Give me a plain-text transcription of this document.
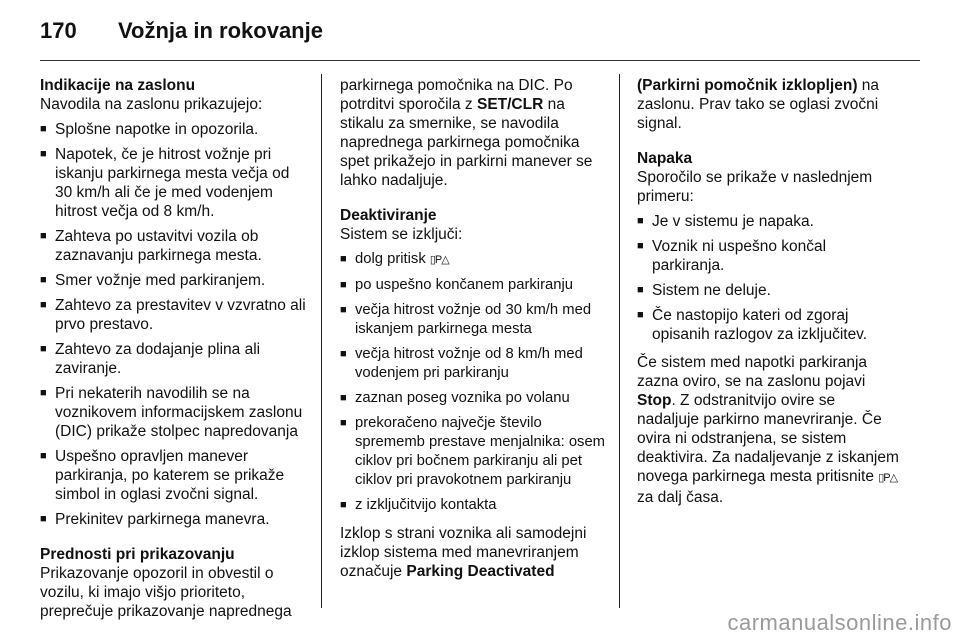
170 Vožnja in rokovanje

Indikacije na zaslonu

Navodila na zaslonu prikazujejo:

■ Splošne napotke in opozorila.
■ Napotek, če je hitrost vožnje pri iskanju parkirnega mesta večja od 30 km/h ali če je med vodenjem hitrost večja od 8 km/h.
■ Zahteva po ustavitvi vozila ob zaznavanju parkirnega mesta.
■ Smer vožnje med parkiranjem.
■ Zahtevo za prestavitev v vzvratno ali prvo prestavo.
■ Zahtevo za dodajanje plina ali zaviranje.
■ Pri nekaterih navodilih se na voznikovem informacijskem zaslonu (DIC) prikaže stolpec napredovanja
■ Uspešno opravljen manever parkiranja, po katerem se prikaže simbol in oglasi zvočni signal.
■ Prekinitev parkirnega manevra.

Prednosti pri prikazovanju

Prikazovanje opozoril in obvestil o vozilu, ki imajo višjo prioriteto, preprečuje prikazovanje naprednega

parkirnega pomočnika na DIC. Po potrditvi sporočila z SET/CLR na stikalu za smernike, se navodila naprednega parkirnega pomočnika spet prikažejo in parkirni manever se lahko nadaljuje.

Deaktiviranje

Sistem se izključi:

■ dolg pritisk ▯P△
■ po uspešno končanem parkiranju
■ večja hitrost vožnje od 30 km/h med iskanjem parkirnega mesta
■ večja hitrost vožnje od 8 km/h med vodenjem pri parkiranju
■ zaznan poseg voznika po volanu
■ prekoračeno največje število sprememb prestave menjalnika: osem ciklov pri bočnem parkiranju ali pet ciklov pri pravokotnem parkiranju
■ z izključitvijo kontakta

Izklop s strani voznika ali samodejni izklop sistema med manevriranjem označuje Parking Deactivated

(Parkirni pomočnik izklopljen) na zaslonu. Prav tako se oglasi zvočni signal.

Napaka

Sporočilo se prikaže v naslednjem primeru:

■ Je v sistemu je napaka.
■ Voznik ni uspešno končal parkiranja.
■ Sistem ne deluje.
■ Če nastopijo kateri od zgoraj opisanih razlogov za izključitev.

Če sistem med napotki parkiranja zazna oviro, se na zaslonu pojavi Stop. Z odstranitvijo ovire se nadaljuje parkirno manevriranje. Če ovira ni odstranjena, se sistem deaktivira. Za nadaljevanje z iskanjem novega parkirnega mesta pritisnite ▯P△ za dalj časa.

carmanualsonline.info
